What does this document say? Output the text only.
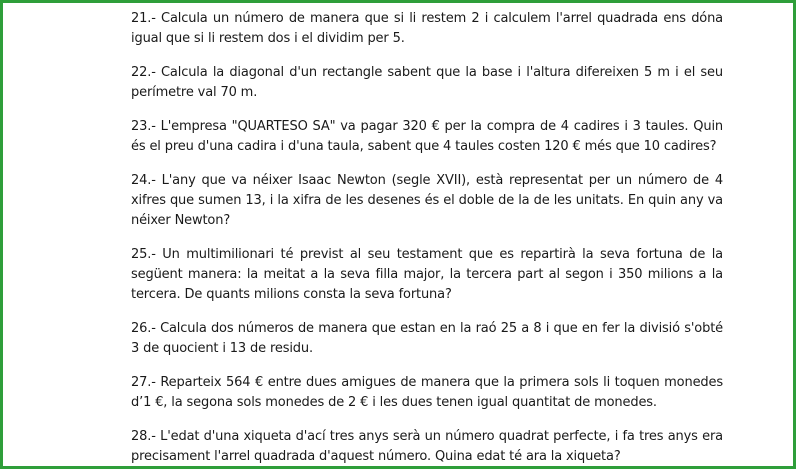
21.- Calcula un número de manera que si li restem 2 i calculem l'arrel quadrada ens dóna igual que si li restem dos i el dividim per 5.

22.- Calcula la diagonal d'un rectangle sabent que la base i l'altura difereixen 5 m i el seu perímetre val 70 m.

23.- L'empresa "QUARTESO SA" va pagar 320 € per la compra de 4 cadires i 3 taules. Quin és el preu d'una cadira i d'una taula, sabent que 4 taules costen 120 € més que 10 cadires?

24.- L'any que va néixer Isaac Newton (segle XVII), està representat per un número de 4 xifres que sumen 13, i la xifra de les desenes és el doble de la de les unitats. En quin any va néixer Newton?

25.- Un multimilionari té previst al seu testament que es repartirà la seva fortuna de la següent manera: la meitat a la seva filla major, la tercera part al segon i 350 milions a la tercera. De quants milions consta la seva fortuna?

26.- Calcula dos números de manera que estan en la raó 25 a 8 i que en fer la divisió s'obté 3 de quocient i 13 de residu.

27.- Reparteix 564 € entre dues amigues de manera que la primera sols li toquen monedes d’1 €, la segona sols monedes de 2 € i les dues tenen igual quantitat de monedes.

28.- L'edat d'una xiqueta d'ací tres anys serà un número quadrat perfecte, i fa tres anys era precisament l'arrel quadrada d'aquest número. Quina edat té ara la xiqueta?
